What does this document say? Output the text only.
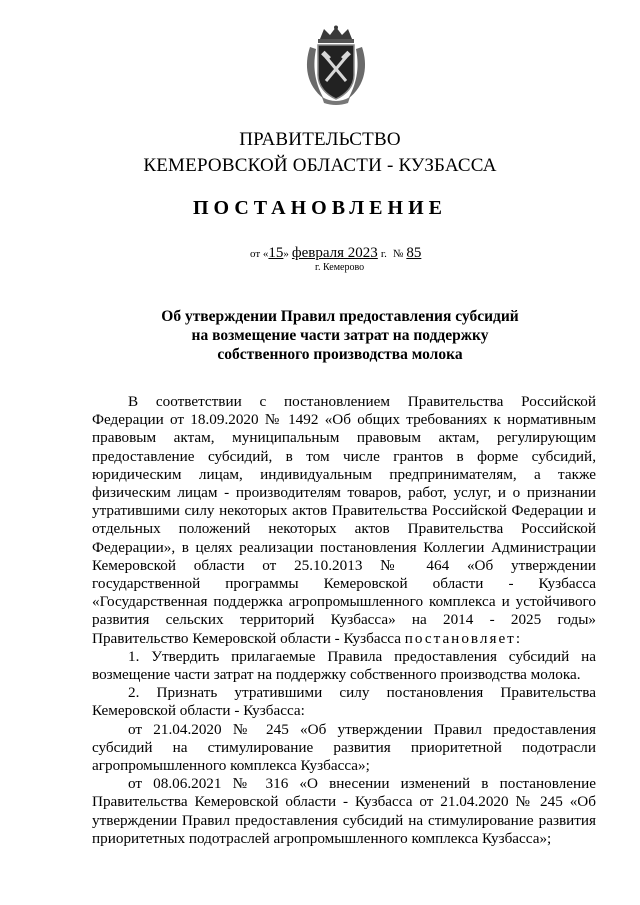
ПРАВИТЕЛЬСТВО
КЕМЕРОВСКОЙ ОБЛАСТИ - КУЗБАССА
ПОСТАНОВЛЕНИЕ
от «15» февраля 2023 г. № 85
г. Кемерово
Об утверждении Правил предоставления субсидий
на возмещение части затрат на поддержку
собственного производства молока

В соответствии с постановлением Правительства Российской Федерации от 18.09.2020 № 1492 «Об общих требованиях к нормативным правовым актам, муниципальным правовым актам, регулирующим предоставление субсидий, в том числе грантов в форме субсидий, юридическим лицам, индивидуальным предпринимателям, а также физическим лицам - производителям товаров, работ, услуг, и о признании утратившими силу некоторых актов Правительства Российской Федерации и отдельных положений некоторых актов Правительства Российской Федерации», в целях реализации постановления Коллегии Администрации Кемеровской области от 25.10.2013 № 464 «Об утверждении государственной программы Кемеровской области - Кузбасса «Государственная поддержка агропромышленного комплекса и устойчивого развития сельских территорий Кузбасса» на 2014 - 2025 годы» Правительство Кемеровской области - Кузбасса постановляет:

1. Утвердить прилагаемые Правила предоставления субсидий на возмещение части затрат на поддержку собственного производства молока.

2. Признать утратившими силу постановления Правительства Кемеровской области - Кузбасса:

от 21.04.2020 № 245 «Об утверждении Правил предоставления субсидий на стимулирование развития приоритетной подотрасли агропромышленного комплекса Кузбасса»;

от 08.06.2021 № 316 «О внесении изменений в постановление Правительства Кемеровской области - Кузбасса от 21.04.2020 № 245 «Об утверждении Правил предоставления субсидий на стимулирование развития приоритетных подотраслей агропромышленного комплекса Кузбасса»;
